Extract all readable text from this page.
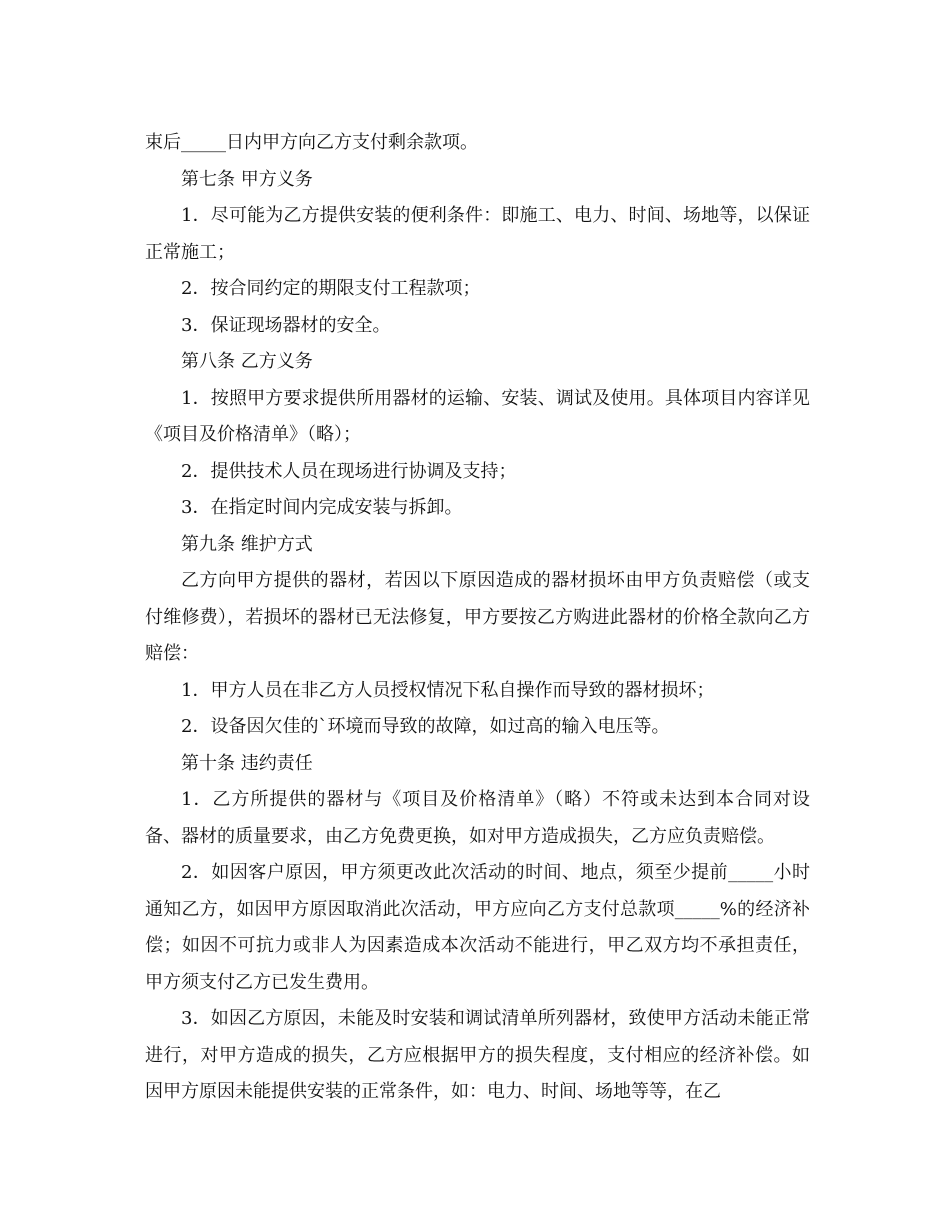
束后_____日内甲方向乙方支付剩余款项。

第七条 甲方义务

1．尽可能为乙方提供安装的便利条件：即施工、电力、时间、场地等，以保证正常施工；

2．按合同约定的期限支付工程款项；

3．保证现场器材的安全。

第八条 乙方义务

1．按照甲方要求提供所用器材的运输、安装、调试及使用。具体项目内容详见《项目及价格清单》（略）；

2．提供技术人员在现场进行协调及支持；

3．在指定时间内完成安装与拆卸。

第九条 维护方式

乙方向甲方提供的器材，若因以下原因造成的器材损坏由甲方负责赔偿（或支付维修费），若损坏的器材已无法修复，甲方要按乙方购进此器材的价格全款向乙方赔偿：

1．甲方人员在非乙方人员授权情况下私自操作而导致的器材损坏；

2．设备因欠佳的`环境而导致的故障，如过高的输入电压等。

第十条 违约责任

1．乙方所提供的器材与《项目及价格清单》（略）不符或未达到本合同对设备、器材的质量要求，由乙方免费更换，如对甲方造成损失，乙方应负责赔偿。

2．如因客户原因，甲方须更改此次活动的时间、地点，须至少提前_____小时通知乙方，如因甲方原因取消此次活动，甲方应向乙方支付总款项_____%的经济补偿；如因不可抗力或非人为因素造成本次活动不能进行，甲乙双方均不承担责任，甲方须支付乙方已发生费用。

3．如因乙方原因，未能及时安装和调试清单所列器材，致使甲方活动未能正常进行，对甲方造成的损失，乙方应根据甲方的损失程度，支付相应的经济补偿。如因甲方原因未能提供安装的正常条件，如：电力、时间、场地等等，在乙
